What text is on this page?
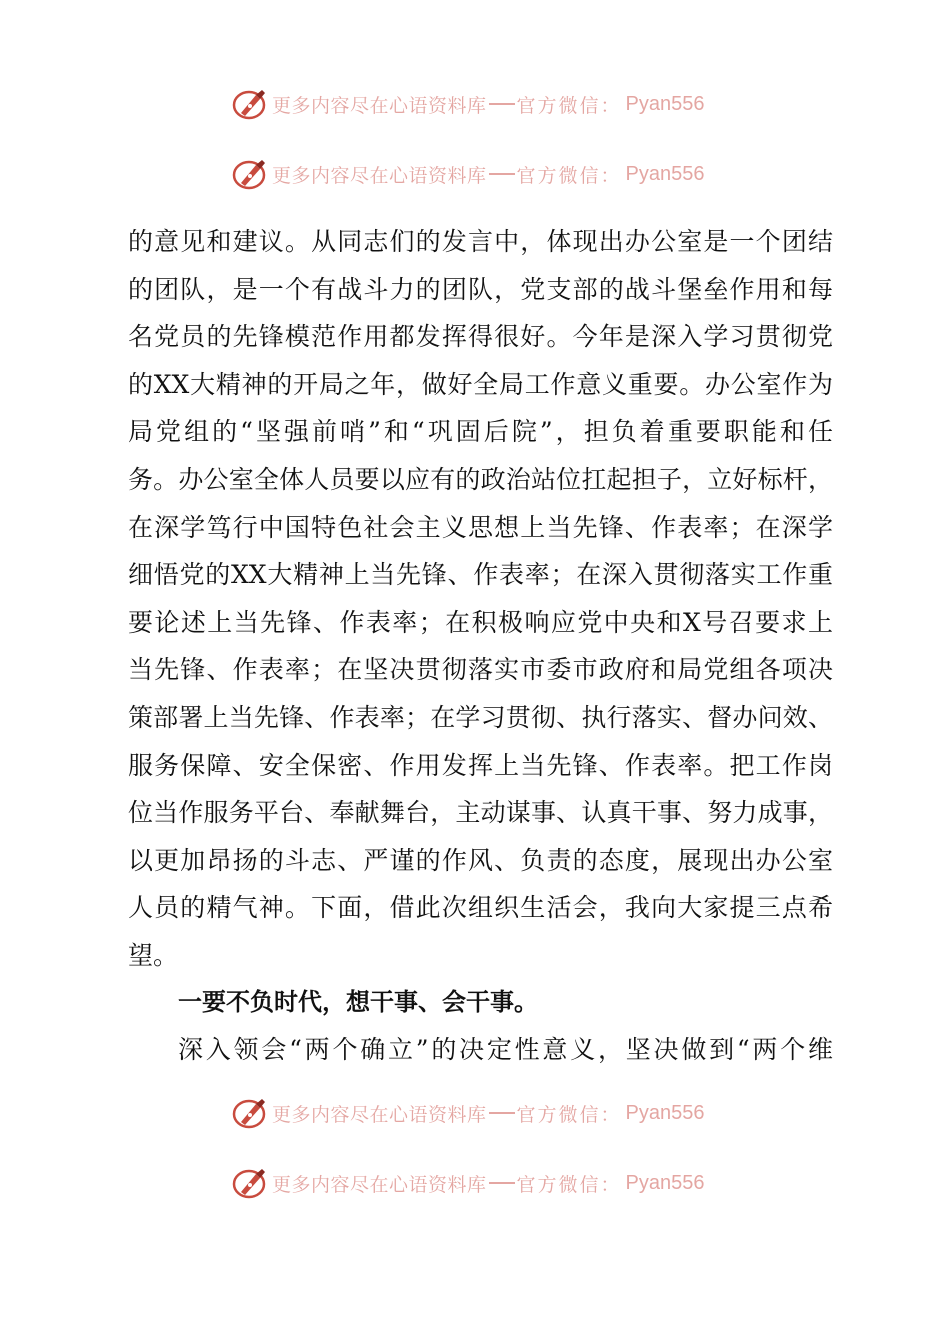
更多内容尽在心语资料库 官方微信： Pyan556
更多内容尽在心语资料库 官方微信： Pyan556
的意见和建议。从同志们的发言中，体现出办公室是一个团结
的团队，是一个有战斗力的团队，党支部的战斗堡垒作用和每
名党员的先锋模范作用都发挥得很好。今年是深入学习贯彻党
的XX大精神的开局之年，做好全局工作意义重要。办公室作为
局党组的“坚强前哨”和“巩固后院”，担负着重要职能和任
务。办公室全体人员要以应有的政治站位扛起担子，立好标杆，
在深学笃行中国特色社会主义思想上当先锋、作表率；在深学
细悟党的XX大精神上当先锋、作表率；在深入贯彻落实工作重
要论述上当先锋、作表率；在积极响应党中央和X号召要求上
当先锋、作表率；在坚决贯彻落实市委市政府和局党组各项决
策部署上当先锋、作表率；在学习贯彻、执行落实、督办问效、
服务保障、安全保密、作用发挥上当先锋、作表率。把工作岗
位当作服务平台、奉献舞台，主动谋事、认真干事、努力成事，
以更加昂扬的斗志、严谨的作风、负责的态度，展现出办公室
人员的精气神。下面，借此次组织生活会，我向大家提三点希
望。
一要不负时代，想干事、会干事。
深入领会“两个确立”的决定性意义，坚决做到“两个维
更多内容尽在心语资料库 官方微信： Pyan556
更多内容尽在心语资料库 官方微信： Pyan556
